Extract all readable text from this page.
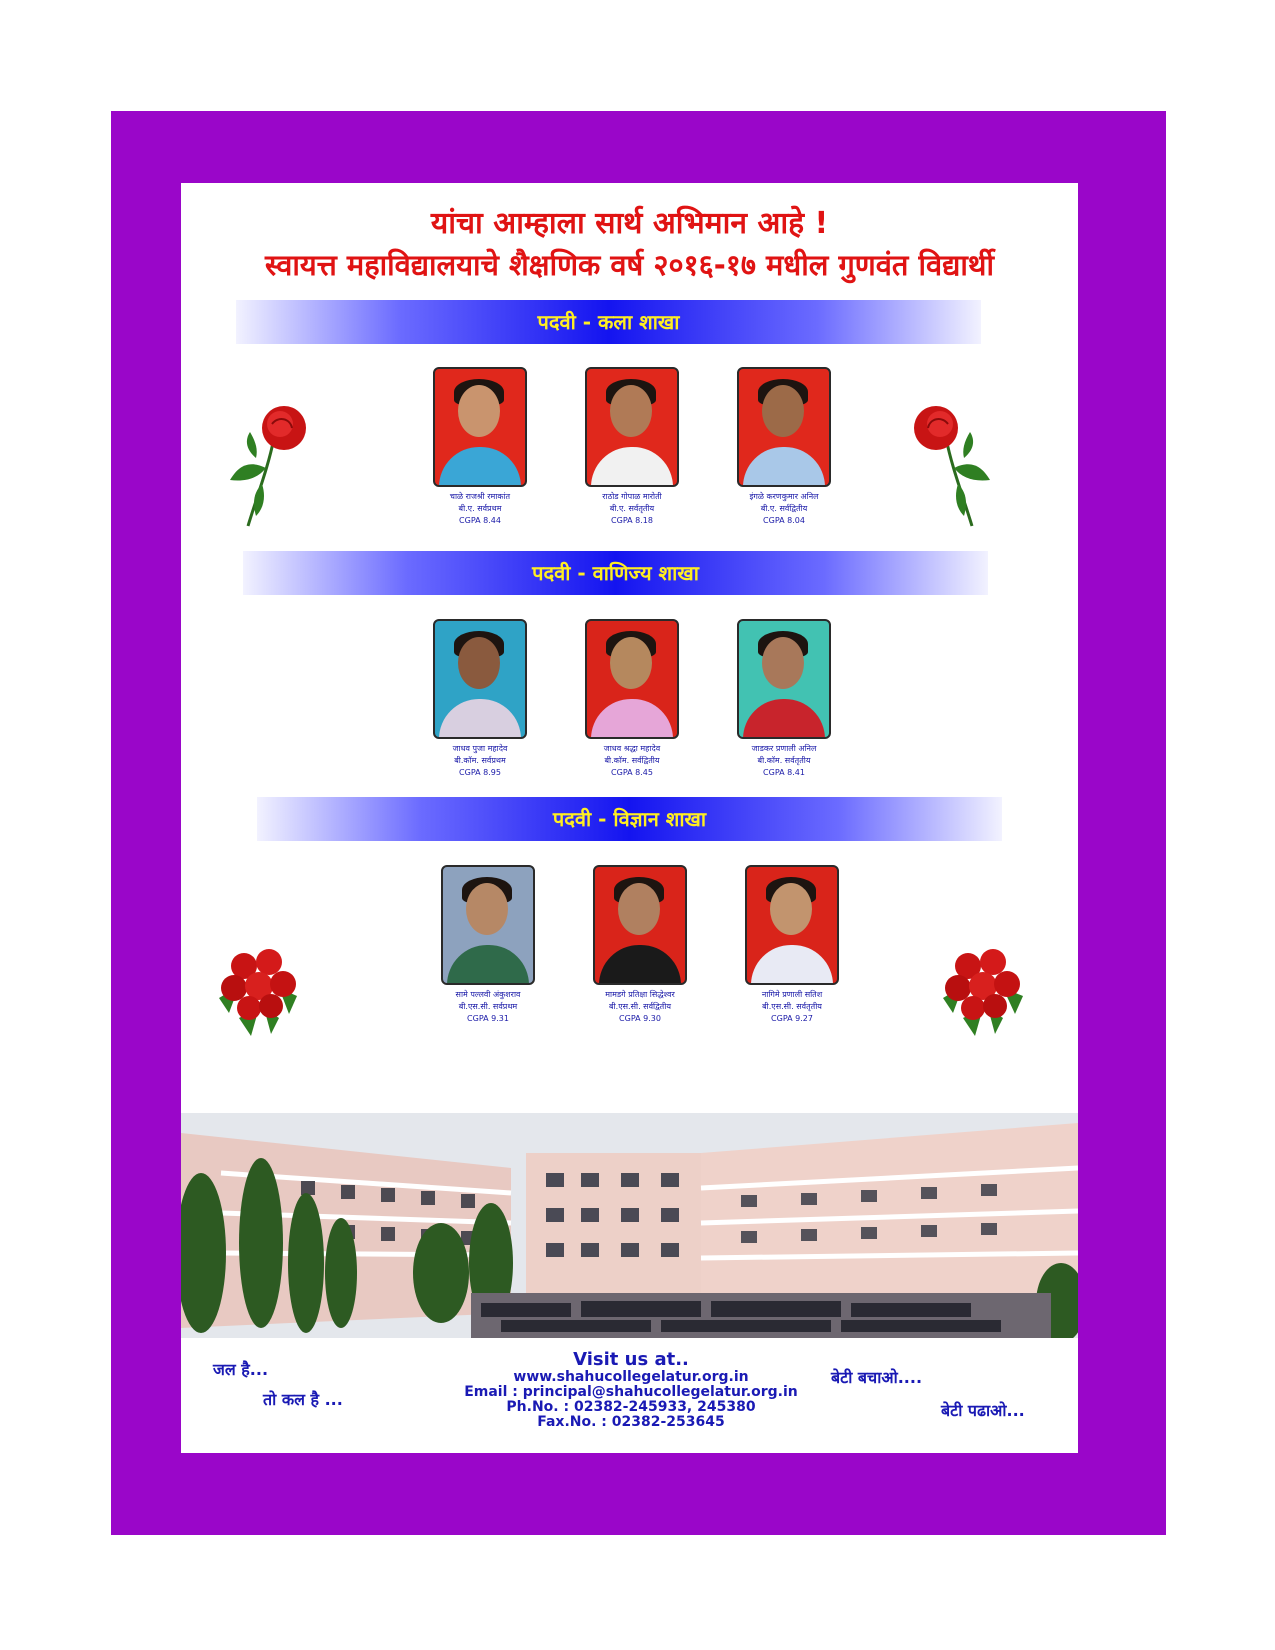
यांचा आम्हाला सार्थ अभिमान आहे !
स्वायत्त महाविद्यालयाचे शैक्षणिक वर्ष २०१६-१७ मधील गुणवंत विद्यार्थी
पदवी - कला शाखा
चाळे राजश्री रमाकांत
बी.ए. सर्वप्रथम
CGPA 8.44
राठोड गोपाळ मारोती
बी.ए. सर्वतृतीय
CGPA 8.18
इंगळे करणकुमार अनिल
बी.ए. सर्वद्वितीय
CGPA 8.04
पदवी - वाणिज्य शाखा
जाधव पुजा महादेव
बी.कॉम. सर्वप्रथम
CGPA 8.95
जाधव श्रद्धा महादेव
बी.कॉम. सर्वद्वितीय
CGPA 8.45
जाडकर प्रणाली अनिल
बी.कॉम. सर्वतृतीय
CGPA 8.41
पदवी - विज्ञान शाखा
सामे पल्लवी अंकुशराव
बी.एस.सी. सर्वप्रथम
CGPA 9.31
मामडगे प्रतिक्षा सिद्धेश्वर
बी.एस.सी. सर्वद्वितीय
CGPA 9.30
नागिमे प्रणाली सतिश
बी.एस.सी. सर्वतृतीय
CGPA 9.27
जल है...
तो कल है ...
Visit us at..
www.shahucollegelatur.org.in
Email : principal@shahucollegelatur.org.in
Ph.No. : 02382-245933, 245380
Fax.No. : 02382-253645
बेटी बचाओ....
बेटी पढाओ...
